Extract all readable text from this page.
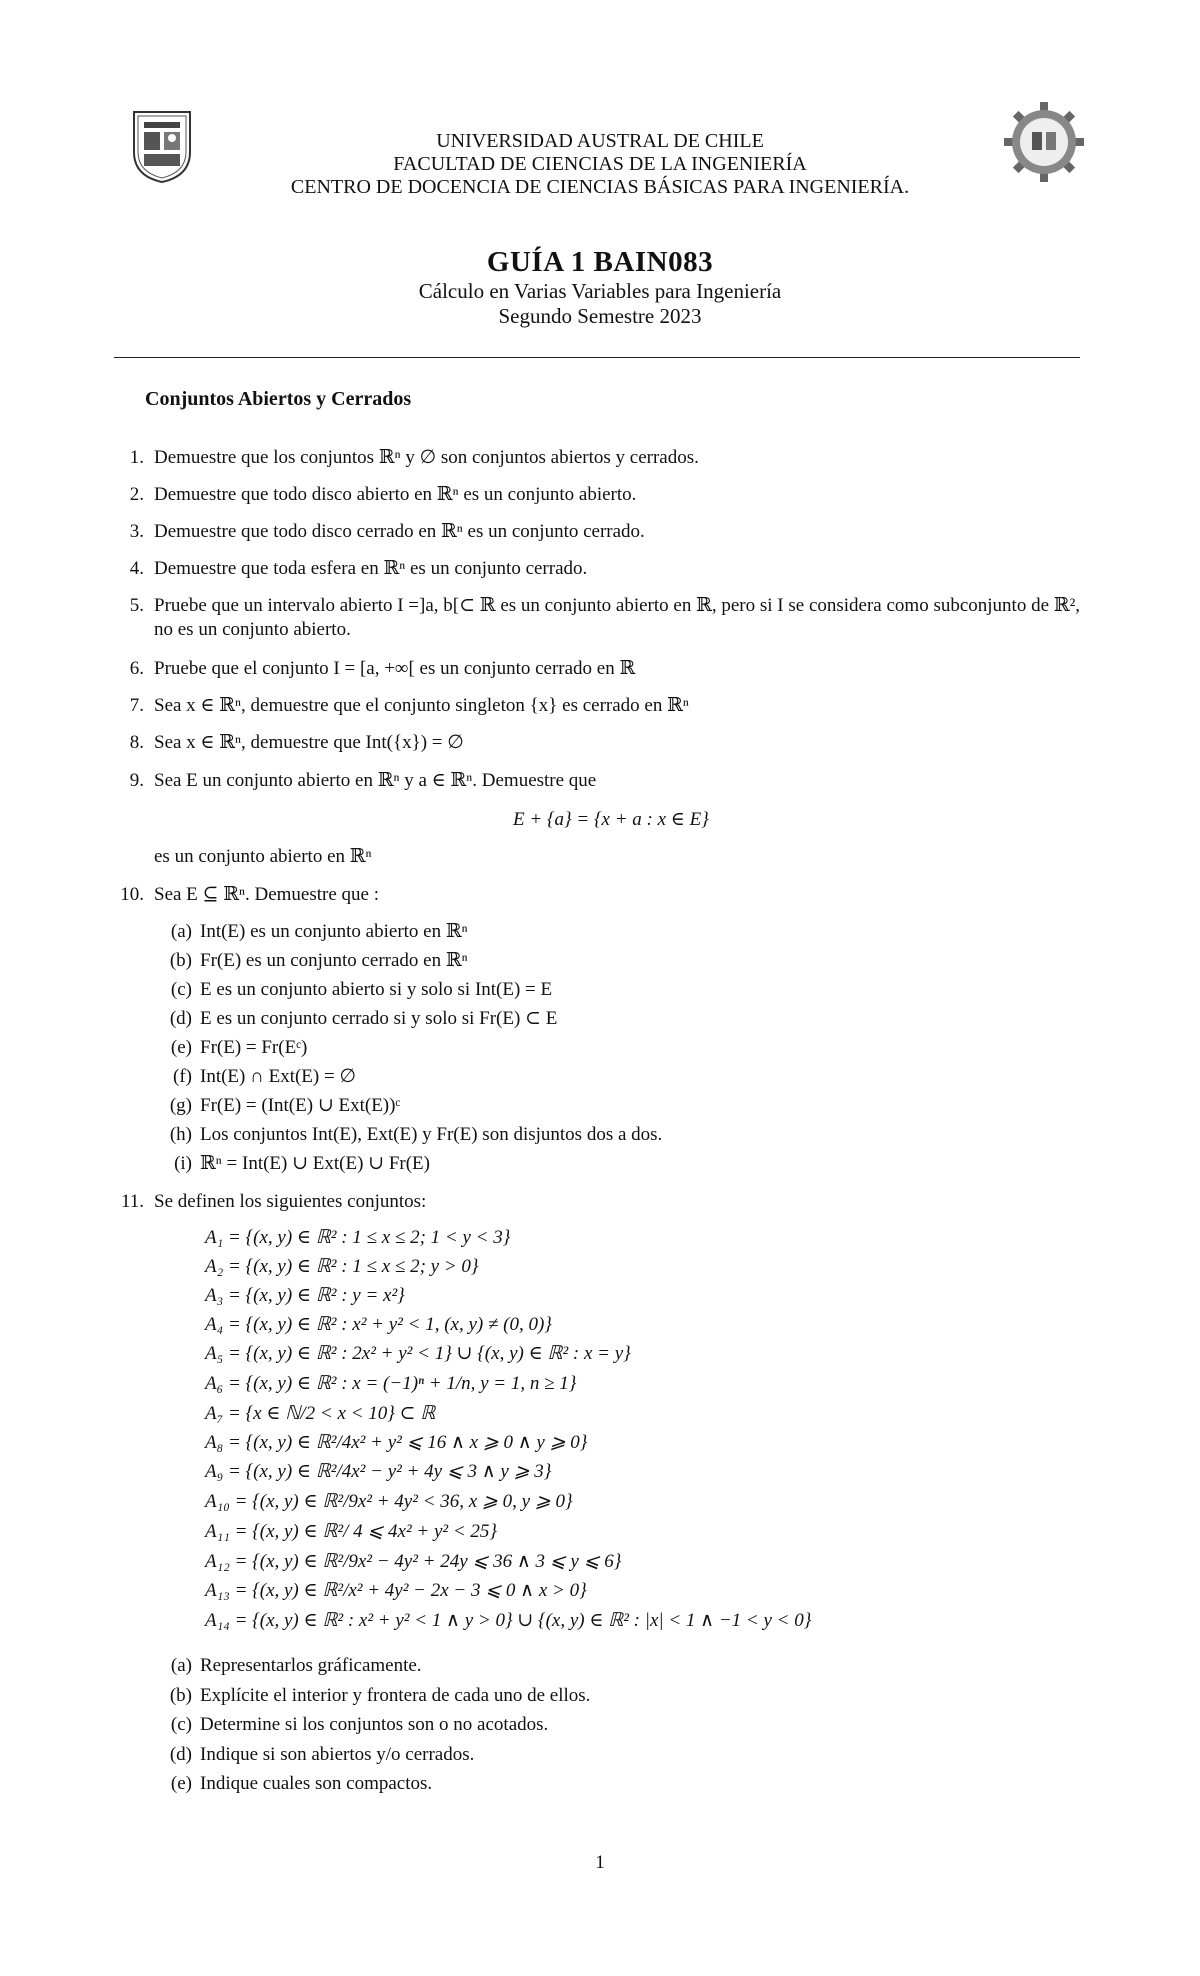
UNIVERSIDAD AUSTRAL DE CHILE
FACULTAD DE CIENCIAS DE LA INGENIERÍA
CENTRO DE DOCENCIA DE CIENCIAS BÁSICAS PARA INGENIERÍA.
GUÍA 1 BAIN083
Cálculo en Varias Variables para Ingeniería
Segundo Semestre 2023
Conjuntos Abiertos y Cerrados
1. Demuestre que los conjuntos ℝⁿ y ∅ son conjuntos abiertos y cerrados.
2. Demuestre que todo disco abierto en ℝⁿ es un conjunto abierto.
3. Demuestre que todo disco cerrado en ℝⁿ es un conjunto cerrado.
4. Demuestre que toda esfera en ℝⁿ es un conjunto cerrado.
5. Pruebe que un intervalo abierto I =]a, b[⊂ ℝ es un conjunto abierto en ℝ, pero si I se considera como subconjunto de ℝ², no es un conjunto abierto.
6. Pruebe que el conjunto I = [a, +∞[ es un conjunto cerrado en ℝ
7. Sea x ∈ ℝⁿ, demuestre que el conjunto singleton {x} es cerrado en ℝⁿ
8. Sea x ∈ ℝⁿ, demuestre que Int({x}) = ∅
9. Sea E un conjunto abierto en ℝⁿ y a ∈ ℝⁿ. Demuestre que
E + {a} = {x + a : x ∈ E}
es un conjunto abierto en ℝⁿ
10. Sea E ⊆ ℝⁿ. Demuestre que :
(a) Int(E) es un conjunto abierto en ℝⁿ
(b) Fr(E) es un conjunto cerrado en ℝⁿ
(c) E es un conjunto abierto si y solo si Int(E) = E
(d) E es un conjunto cerrado si y solo si Fr(E) ⊂ E
(e) Fr(E) = Fr(Eᶜ)
(f) Int(E) ∩ Ext(E) = ∅
(g) Fr(E) = (Int(E) ∪ Ext(E))ᶜ
(h) Los conjuntos Int(E), Ext(E) y Fr(E) son disjuntos dos a dos.
(i) ℝⁿ = Int(E) ∪ Ext(E) ∪ Fr(E)
11. Se definen los siguientes conjuntos:
A₁ = {(x, y) ∈ ℝ² : 1 ≤ x ≤ 2; 1 < y < 3}
A₂ = {(x, y) ∈ ℝ² : 1 ≤ x ≤ 2; y > 0}
A₃ = {(x, y) ∈ ℝ² : y = x²}
A₄ = {(x, y) ∈ ℝ² : x² + y² < 1, (x, y) ≠ (0, 0)}
A₅ = {(x, y) ∈ ℝ² : 2x² + y² < 1} ∪ {(x, y) ∈ ℝ² : x = y}
A₆ = {(x, y) ∈ ℝ² : x = (−1)ⁿ + 1/n, y = 1, n ≥ 1}
A₇ = {x ∈ ℕ/2 < x < 10} ⊂ ℝ
A₈ = {(x, y) ∈ ℝ²/4x² + y² ⩽ 16 ∧ x ⩾ 0 ∧ y ⩾ 0}
A₉ = {(x, y) ∈ ℝ²/4x² − y² + 4y ⩽ 3 ∧ y ⩾ 3}
A₁₀ = {(x, y) ∈ ℝ²/9x² + 4y² < 36, x ⩾ 0, y ⩾ 0}
A₁₁ = {(x, y) ∈ ℝ²/ 4 ⩽ 4x² + y² < 25}
A₁₂ = {(x, y) ∈ ℝ²/9x² − 4y² + 24y ⩽ 36 ∧ 3 ⩽ y ⩽ 6}
A₁₃ = {(x, y) ∈ ℝ²/x² + 4y² − 2x − 3 ⩽ 0 ∧ x > 0}
A₁₄ = {(x, y) ∈ ℝ² : x² + y² < 1 ∧ y > 0} ∪ {(x, y) ∈ ℝ² : |x| < 1 ∧ −1 < y < 0}
(a) Representarlos gráficamente.
(b) Explícite el interior y frontera de cada uno de ellos.
(c) Determine si los conjuntos son o no acotados.
(d) Indique si son abiertos y/o cerrados.
(e) Indique cuales son compactos.
1
